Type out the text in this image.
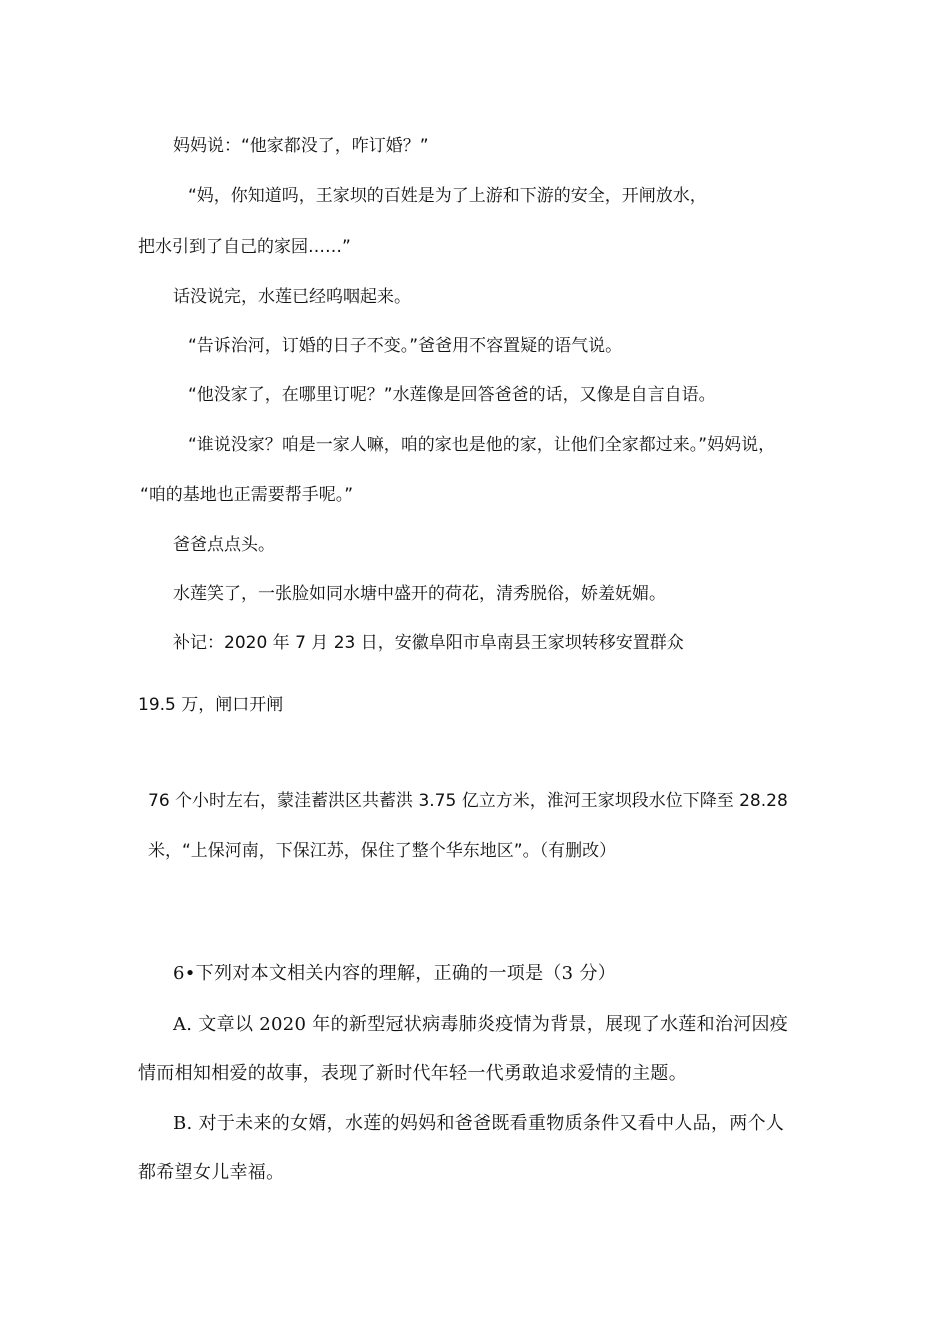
妈妈说：“他家都没了，咋订婚？”
“妈，你知道吗，王家坝的百姓是为了上游和下游的安全，开闸放水，
把水引到了自己的家园……”
话没说完，水莲已经呜咽起来。
“告诉治河，订婚的日子不变。”爸爸用不容置疑的语气说。
“他没家了，在哪里订呢？”水莲像是回答爸爸的话，又像是自言自语。
“谁说没家？咱是一家人嘛，咱的家也是他的家，让他们全家都过来。”妈妈说，
“咱的基地也正需要帮手呢。”
爸爸点点头。
水莲笑了，一张脸如同水塘中盛开的荷花，清秀脱俗，娇羞妩媚。
补记：2020 年 7 月 23 日，安徽阜阳市阜南县王家坝转移安置群众
19.5 万，闸口开闸
76 个小时左右，蒙洼蓄洪区共蓄洪 3.75 亿立方米，淮河王家坝段水位下降至 28.28
米，“上保河南，下保江苏，保住了整个华东地区”。（有删改）
6•下列对本文相关内容的理解，正确的一项是（3 分）
A. 文章以 2020 年的新型冠状病毒肺炎疫情为背景，展现了水莲和治河因疫
情而相知相爱的故事，表现了新时代年轻一代勇敢追求爱情的主题。
B. 对于未来的女婿，水莲的妈妈和爸爸既看重物质条件又看中人品，两个人
都希望女儿幸福。
